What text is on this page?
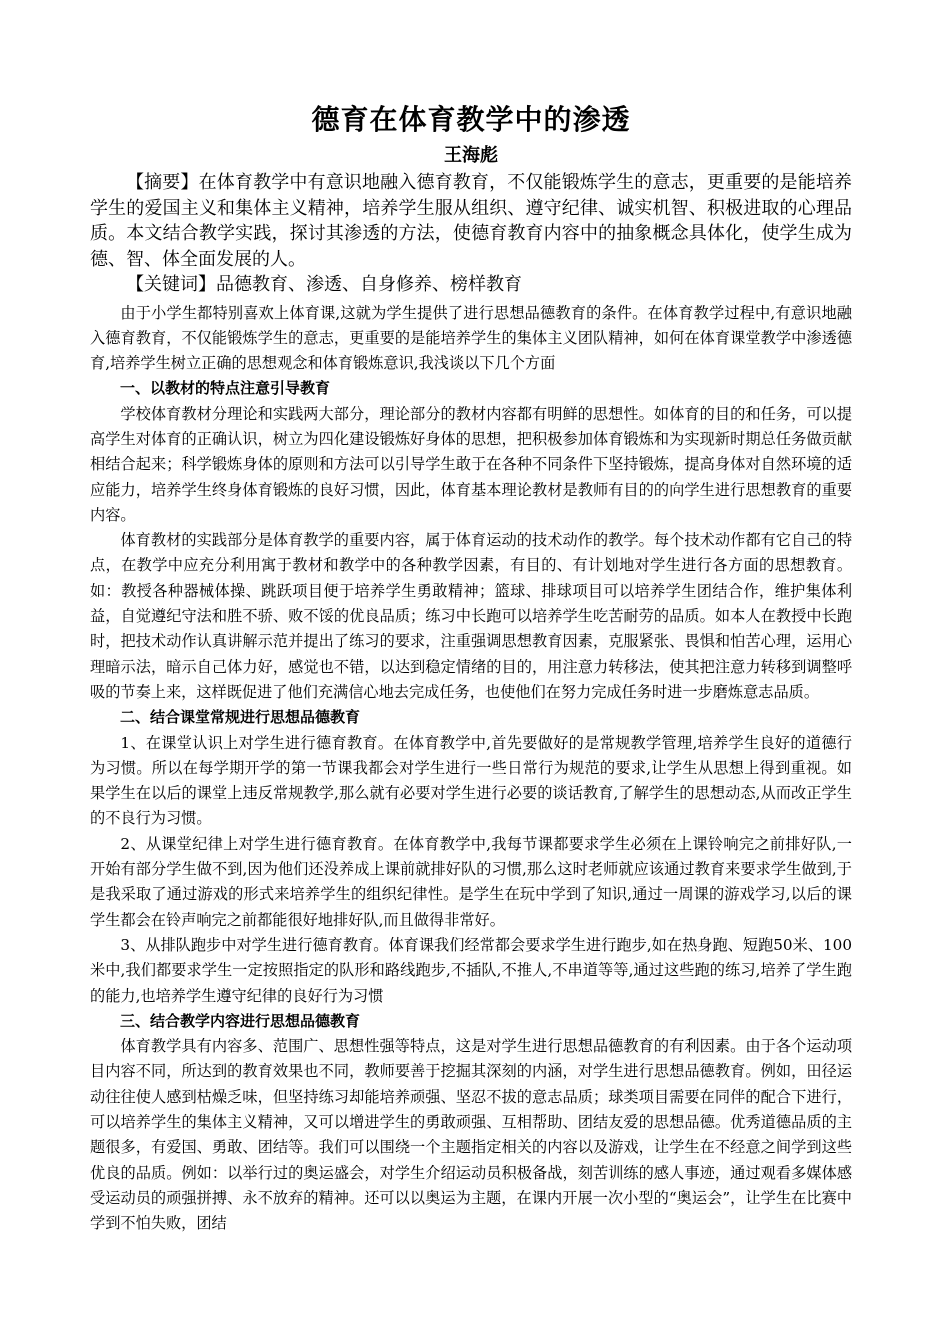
德育在体育教学中的渗透
王海彪

【摘要】在体育教学中有意识地融入德育教育，不仅能锻炼学生的意志，更重要的是能培养学生的爱国主义和集体主义精神，培养学生服从组织、遵守纪律、诚实机智、积极进取的心理品质。本文结合教学实践，探讨其渗透的方法，使德育教育内容中的抽象概念具体化，使学生成为德、智、体全面发展的人。

【关键词】品德教育、渗透、自身修养、榜样教育

由于小学生都特别喜欢上体育课,这就为学生提供了进行思想品德教育的条件。在体育教学过程中,有意识地融入德育教育，不仅能锻炼学生的意志，更重要的是能培养学生的集体主义团队精神，如何在体育课堂教学中渗透德育,培养学生树立正确的思想观念和体育锻炼意识,我浅谈以下几个方面

一、以教材的特点注意引导教育

学校体育教材分理论和实践两大部分，理论部分的教材内容都有明鲜的思想性。如体育的目的和任务，可以提高学生对体育的正确认识，树立为四化建设锻炼好身体的思想，把积极参加体育锻炼和为实现新时期总任务做贡献相结合起来；科学锻炼身体的原则和方法可以引导学生敢于在各种不同条件下坚持锻炼，提高身体对自然环境的适应能力，培养学生终身体育锻炼的良好习惯，因此，体育基本理论教材是教师有目的的向学生进行思想教育的重要内容。

体育教材的实践部分是体育教学的重要内容，属于体育运动的技术动作的教学。每个技术动作都有它自己的特点，在教学中应充分利用寓于教材和教学中的各种教学因素，有目的、有计划地对学生进行各方面的思想教育。如：教授各种器械体操、跳跃项目便于培养学生勇敢精神；篮球、排球项目可以培养学生团结合作，维护集体利益，自觉遵纪守法和胜不骄、败不馁的优良品质；练习中长跑可以培养学生吃苦耐劳的品质。如本人在教授中长跑时，把技术动作认真讲解示范并提出了练习的要求，注重强调思想教育因素，克服紧张、畏惧和怕苦心理，运用心理暗示法，暗示自己体力好，感觉也不错，以达到稳定情绪的目的，用注意力转移法，使其把注意力转移到调整呼吸的节奏上来，这样既促进了他们充满信心地去完成任务，也使他们在努力完成任务时进一步磨炼意志品质。

二、结合课堂常规进行思想品德教育

1、在课堂认识上对学生进行德育教育。在体育教学中,首先要做好的是常规教学管理,培养学生良好的道德行为习惯。所以在每学期开学的第一节课我都会对学生进行一些日常行为规范的要求,让学生从思想上得到重视。如果学生在以后的课堂上违反常规教学,那么就有必要对学生进行必要的谈话教育,了解学生的思想动态,从而改正学生的不良行为习惯。

2、从课堂纪律上对学生进行德育教育。在体育教学中,我每节课都要求学生必须在上课铃响完之前排好队,一开始有部分学生做不到,因为他们还没养成上课前就排好队的习惯,那么这时老师就应该通过教育来要求学生做到,于是我采取了通过游戏的形式来培养学生的组织纪律性。是学生在玩中学到了知识,通过一周课的游戏学习,以后的课学生都会在铃声响完之前都能很好地排好队,而且做得非常好。

3、从排队跑步中对学生进行德育教育。体育课我们经常都会要求学生进行跑步,如在热身跑、短跑50米、100米中,我们都要求学生一定按照指定的队形和路线跑步,不插队,不推人,不串道等等,通过这些跑的练习,培养了学生跑的能力,也培养学生遵守纪律的良好行为习惯

三、结合教学内容进行思想品德教育

体育教学具有内容多、范围广、思想性强等特点，这是对学生进行思想品德教育的有利因素。由于各个运动项目内容不同，所达到的教育效果也不同，教师要善于挖掘其深刻的内涵，对学生进行思想品德教育。例如，田径运动往往使人感到枯燥乏味，但坚持练习却能培养顽强、坚忍不拔的意志品质；球类项目需要在同伴的配合下进行，可以培养学生的集体主义精神，又可以增进学生的勇敢顽强、互相帮助、团结友爱的思想品德。优秀道德品质的主题很多，有爱国、勇敢、团结等。我们可以围绕一个主题指定相关的内容以及游戏，让学生在不经意之间学到这些优良的品质。例如：以举行过的奥运盛会，对学生介绍运动员积极备战，刻苦训练的感人事迹，通过观看多媒体感受运动员的顽强拼搏、永不放弃的精神。还可以以奥运为主题，在课内开展一次小型的“奥运会”，让学生在比赛中学到不怕失败，团结
